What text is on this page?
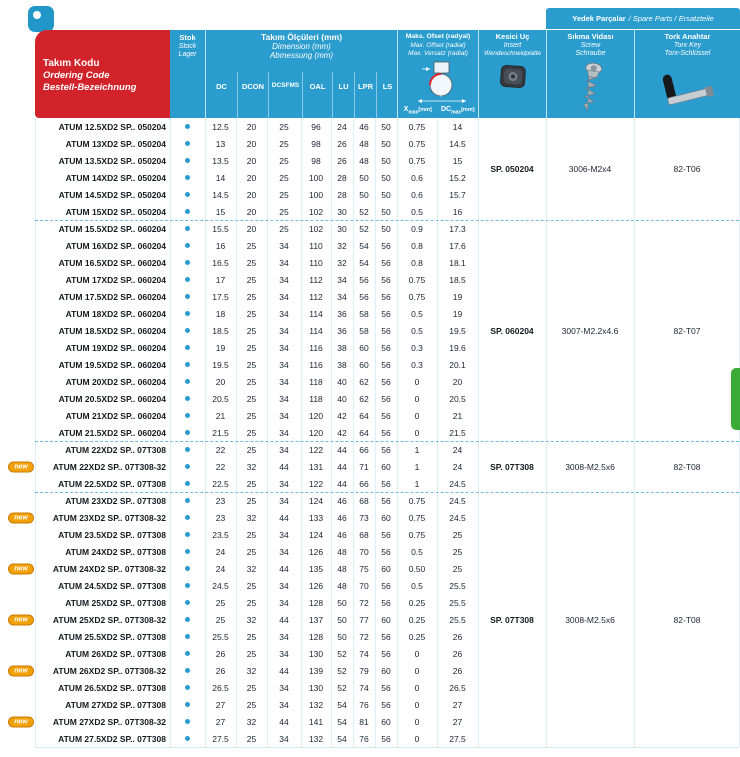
Takım Kodu
Ordering Code
Bestell-Bezeichnung
Yedek Parçalar / Spare Parts / Ersatzteile
Stok
Stock
Lager
Takım Ölçüleri (mm)
Dimension (mm)
Abmessung (mm)
DC	DCON	DCSFMS	OAL	LU	LPR	LS
Maks. Ofset (radyal)
Max. Offset (radial)
Max. Versatz (radial)
$X_{max}[mm]$	$DC_{max}[mm]$
Kesici Uç
Insert
Wendeschneidplatte
Sıkma Vidası
Screw
Schraube
Tork Anahtar
Torx Key
Torx-Schlüssel
ATUM 12.5XD2 SP.. 050204	12.5	20	25	96	24	46	50	0.75	14
ATUM 13XD2 SP.. 050204	13	20	25	98	26	48	50	0.75	14.5
ATUM 13.5XD2 SP.. 050204	13.5	20	25	98	26	48	50	0.75	15
ATUM 14XD2 SP.. 050204	14	20	25	100	28	50	50	0.6	15.2
ATUM 14.5XD2 SP.. 050204	14.5	20	25	100	28	50	50	0.6	15.7
ATUM 15XD2 SP.. 050204	15	20	25	102	30	52	50	0.5	16
ATUM 15.5XD2 SP.. 060204	15.5	20	25	102	30	52	50	0.9	17.3
ATUM 16XD2 SP.. 060204	16	25	34	110	32	54	56	0.8	17.6
ATUM 16.5XD2 SP.. 060204	16.5	25	34	110	32	54	56	0.8	18.1
ATUM 17XD2 SP.. 060204	17	25	34	112	34	56	56	0.75	18.5
ATUM 17.5XD2 SP.. 060204	17.5	25	34	112	34	56	56	0.75	19
ATUM 18XD2 SP.. 060204	18	25	34	114	36	58	56	0.5	19
ATUM 18.5XD2 SP.. 060204	18.5	25	34	114	36	58	56	0.5	19.5
ATUM 19XD2 SP.. 060204	19	25	34	116	38	60	56	0.3	19.6
ATUM 19.5XD2 SP.. 060204	19.5	25	34	116	38	60	56	0.3	20.1
ATUM 20XD2 SP.. 060204	20	25	34	118	40	62	56	0	20
ATUM 20.5XD2 SP.. 060204	20.5	25	34	118	40	62	56	0	20.5
ATUM 21XD2 SP.. 060204	21	25	34	120	42	64	56	0	21
ATUM 21.5XD2 SP.. 060204	21.5	25	34	120	42	64	56	0	21.5
ATUM 22XD2 SP.. 07T308	22	25	34	122	44	66	56	1	24
new	ATUM 22XD2 SP.. 07T308-32	22	32	44	131	44	71	60	1	24
ATUM 22.5XD2 SP.. 07T308	22.5	25	34	122	44	66	56	1	24.5
ATUM 23XD2 SP.. 07T308	23	25	34	124	46	68	56	0.75	24.5
new	ATUM 23XD2 SP.. 07T308-32	23	32	44	133	46	73	60	0.75	24.5
ATUM 23.5XD2 SP.. 07T308	23.5	25	34	124	46	68	56	0.75	25
ATUM 24XD2 SP.. 07T308	24	25	34	126	48	70	56	0.5	25
new	ATUM 24XD2 SP.. 07T308-32	24	32	44	135	48	75	60	0.50	25
ATUM 24.5XD2 SP.. 07T308	24.5	25	34	126	48	70	56	0.5	25.5
ATUM 25XD2 SP.. 07T308	25	25	34	128	50	72	56	0.25	25.5
new	ATUM 25XD2 SP.. 07T308-32	25	32	44	137	50	77	60	0.25	25.5
ATUM 25.5XD2 SP.. 07T308	25.5	25	34	128	50	72	56	0.25	26
ATUM 26XD2 SP.. 07T308	26	25	34	130	52	74	56	0	26
new	ATUM 26XD2 SP.. 07T308-32	26	32	44	139	52	79	60	0	26
ATUM 26.5XD2 SP.. 07T308	26.5	25	34	130	52	74	56	0	26.5
ATUM 27XD2 SP.. 07T308	27	25	34	132	54	76	56	0	27
new	ATUM 27XD2 SP.. 07T308-32	27	32	44	141	54	81	60	0	27
ATUM 27.5XD2 SP.. 07T308	27.5	25	34	132	54	76	56	0	27.5
SP. 050204	3006-M2x4	82-T06
SP. 060204	3007-M2.2x4.6	82-T07
SP. 07T308	3008-M2.5x6	82-T08
SP. 07T308	3008-M2.5x6	82-T08
